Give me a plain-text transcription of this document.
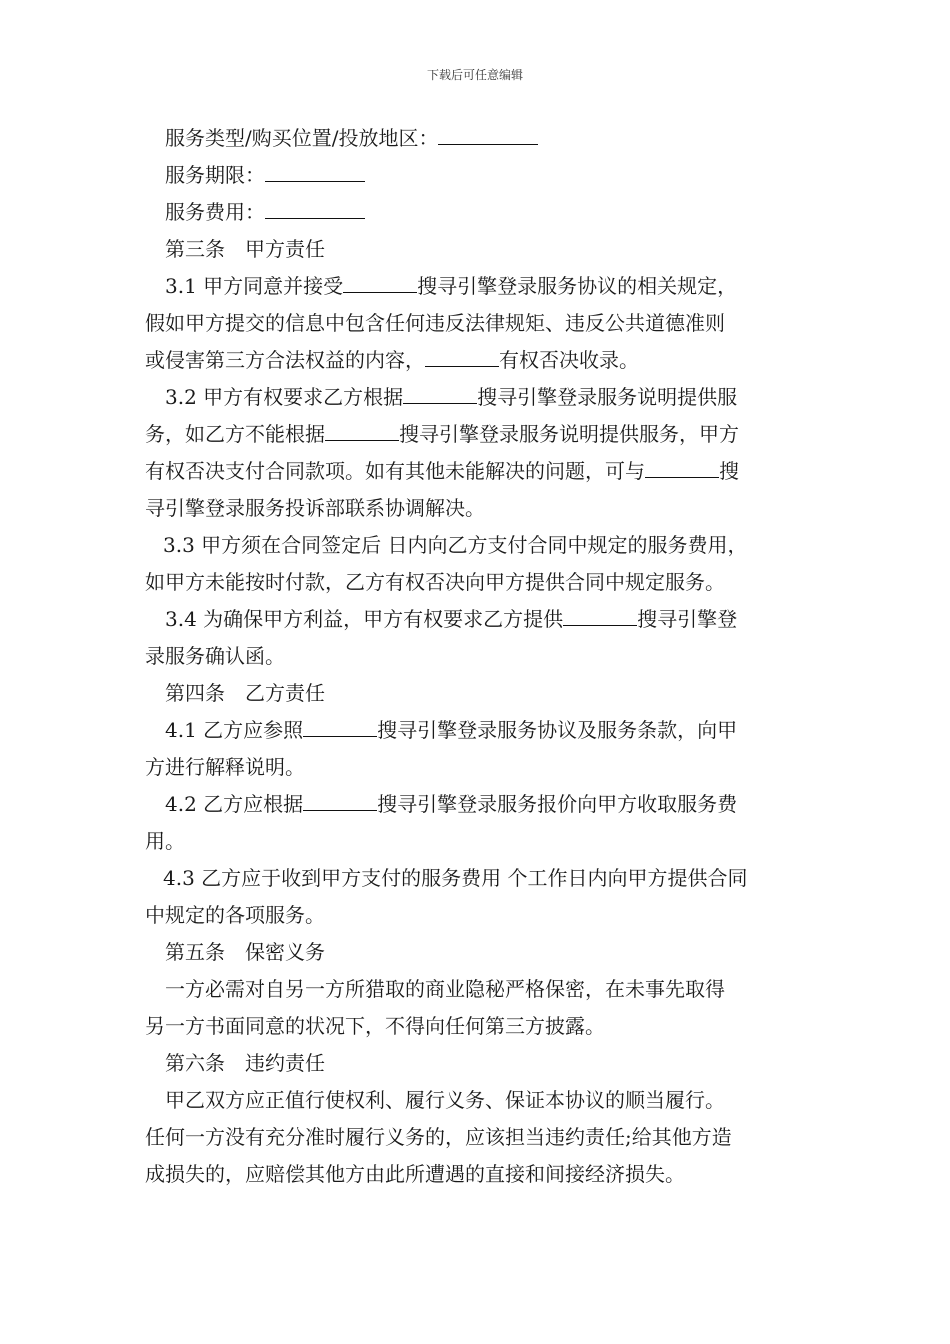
下载后可任意编辑
服务类型/购买位置/投放地区：
服务期限：
服务费用：
第三条　甲方责任
3.1 甲方同意并接受	搜寻引擎登录服务协议的相关规定，
假如甲方提交的信息中包含任何违反法律规矩、违反公共道德准则
或侵害第三方合法权益的内容，	有权否决收录。
3.2 甲方有权要求乙方根据	搜寻引擎登录服务说明提供服
务，如乙方不能根据	搜寻引擎登录服务说明提供服务，甲方
有权否决支付合同款项。如有其他未能解决的问题，可与	搜
寻引擎登录服务投诉部联系协调解决。
3.3 甲方须在合同签定后 日内向乙方支付合同中规定的服务费用，
如甲方未能按时付款，乙方有权否决向甲方提供合同中规定服务。
3.4 为确保甲方利益，甲方有权要求乙方提供	搜寻引擎登
录服务确认函。
第四条　乙方责任
4.1 乙方应参照	搜寻引擎登录服务协议及服务条款，向甲
方进行解释说明。
4.2 乙方应根据	搜寻引擎登录服务报价向甲方收取服务费
用。
4.3 乙方应于收到甲方支付的服务费用 个工作日内向甲方提供合同
中规定的各项服务。
第五条　保密义务
一方必需对自另一方所猎取的商业隐秘严格保密，在未事先取得
另一方书面同意的状况下，不得向任何第三方披露。
第六条　违约责任
甲乙双方应正值行使权利、履行义务、保证本协议的顺当履行。
任何一方没有充分准时履行义务的，应该担当违约责任;给其他方造
成损失的，应赔偿其他方由此所遭遇的直接和间接经济损失。
